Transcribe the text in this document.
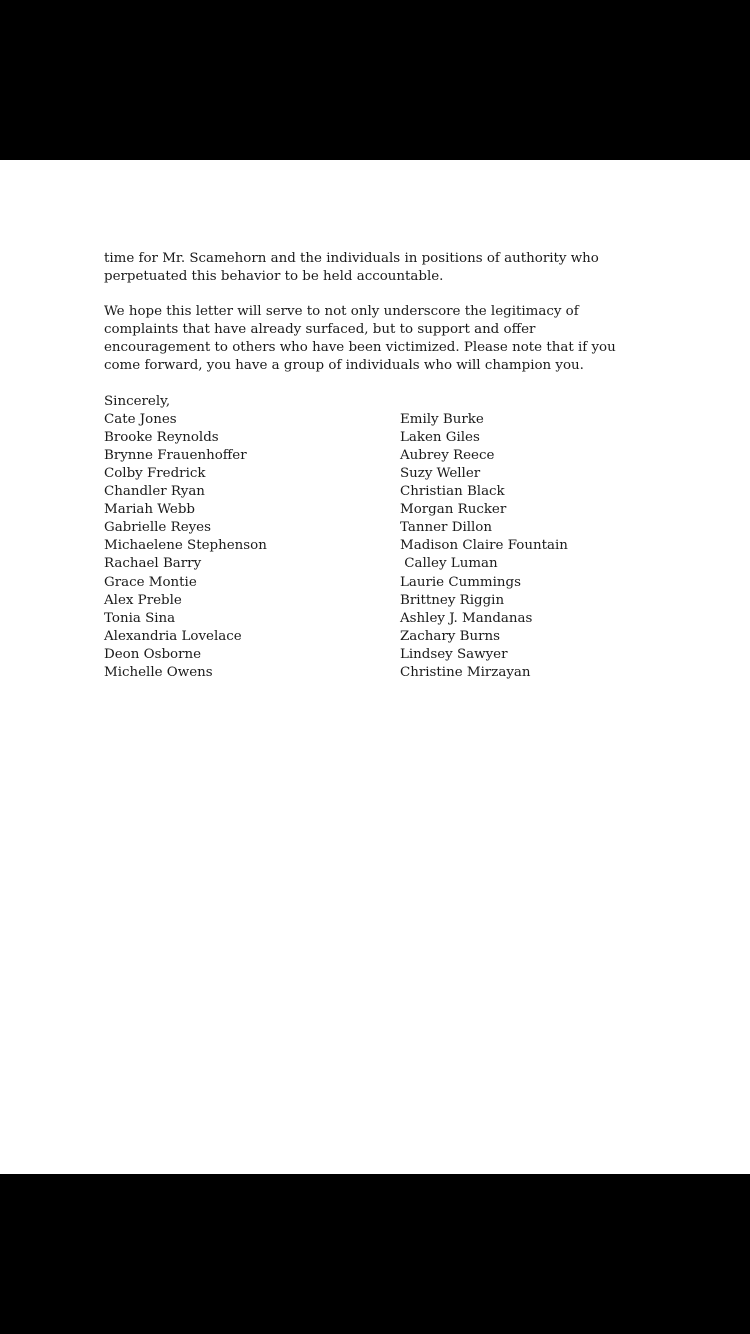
time for Mr. Scamehorn and the individuals in positions of authority who perpetuated this behavior to be held accountable.

We hope this letter will serve to not only underscore the legitimacy of complaints that have already surfaced, but to support and offer encouragement to others who have been victimized. Please note that if you come forward, you have a group of individuals who will champion you.

Sincerely,
Cate Jones
Brooke Reynolds
Brynne Frauenhoffer
Colby Fredrick
Chandler Ryan
Mariah Webb
Gabrielle Reyes
Michaelene Stephenson
Rachael Barry
Grace Montie
Alex Preble
Tonia Sina
Alexandria Lovelace
Deon Osborne
Michelle Owens
Emily Burke
Laken Giles
Aubrey Reece
Suzy Weller
Christian Black
Morgan Rucker
Tanner Dillon
Madison Claire Fountain
Calley Luman
Laurie Cummings
Brittney Riggin
Ashley J. Mandanas
Zachary Burns
Lindsey Sawyer
Christine Mirzayan
